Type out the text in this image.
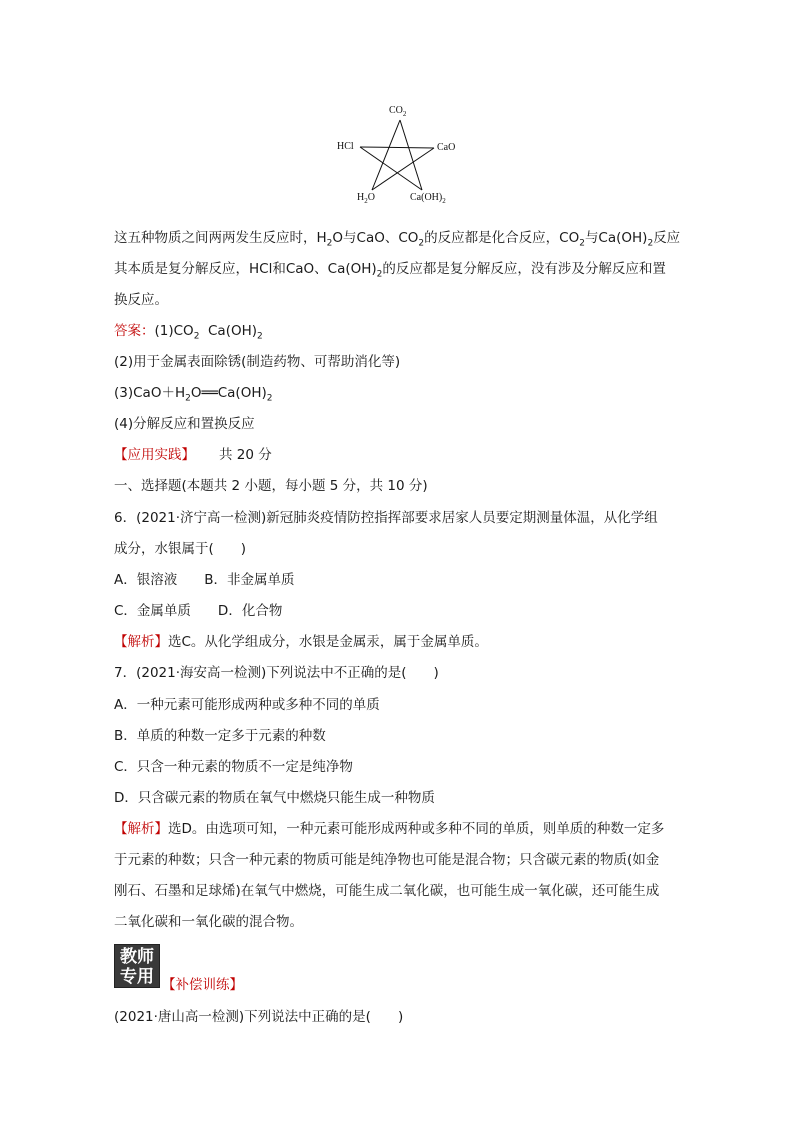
$CO_2$
HCl	CaO
$H_2O$	$Ca(OH)_2$
这五种物质之间两两发生反应时，$H_2O$与CaO、$CO_2$的反应都是化合反应，$CO_2$与$Ca(OH)_2$反应
其本质是复分解反应，HCl和CaO、$Ca(OH)_2$的反应都是复分解反应，没有涉及分解反应和置
换反应。
答案：$(1)CO_2$  $Ca(OH)_2$
(2)用于金属表面除锈(制造药物、可帮助消化等)
$(3)CaO+H_2O══Ca(OH)_2$
(4)分解反应和置换反应
【应用实践】 共 20 分
一、选择题(本题共 2 小题，每小题 5 分，共 10 分)
6．(2021·济宁高一检测)新冠肺炎疫情防控指挥部要求居家人员要定期测量体温，从化学组
成分，水银属于(　　)
A．银溶液　　B．非金属单质
C．金属单质　　D．化合物
【解析】选C。从化学组成分，水银是金属汞，属于金属单质。
7．(2021·海安高一检测)下列说法中不正确的是(　　)
A．一种元素可能形成两种或多种不同的单质
B．单质的种数一定多于元素的种数
C．只含一种元素的物质不一定是纯净物
D．只含碳元素的物质在氧气中燃烧只能生成一种物质
【解析】选D。由选项可知，一种元素可能形成两种或多种不同的单质，则单质的种数一定多
于元素的种数；只含一种元素的物质可能是纯净物也可能是混合物；只含碳元素的物质(如金
刚石、石墨和足球烯)在氧气中燃烧，可能生成二氧化碳，也可能生成一氧化碳，还可能生成
二氧化碳和一氧化碳的混合物。
教师
专用 【补偿训练】
(2021·唐山高一检测)下列说法中正确的是(　　)
